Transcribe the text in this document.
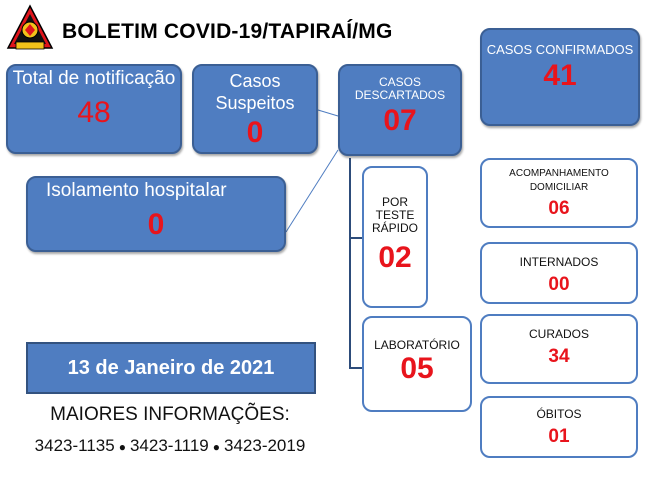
BOLETIM COVID-19/TAPIRAÍ/MG
Total de notificação
48
Casos Suspeitos
0
CASOS DESCARTADOS
07
CASOS CONFIRMADOS
41
Isolamento hospitalar
0
POR TESTE RÁPIDO
02
LABORATÓRIO
05
ACOMPANHAMENTO DOMICILIAR
06
INTERNADOS
00
CURADOS
34
ÓBITOS
01
13 de Janeiro de 2021
MAIORES INFORMAÇÕES:
3423-1135 ● 3423-1119 ● 3423-2019
